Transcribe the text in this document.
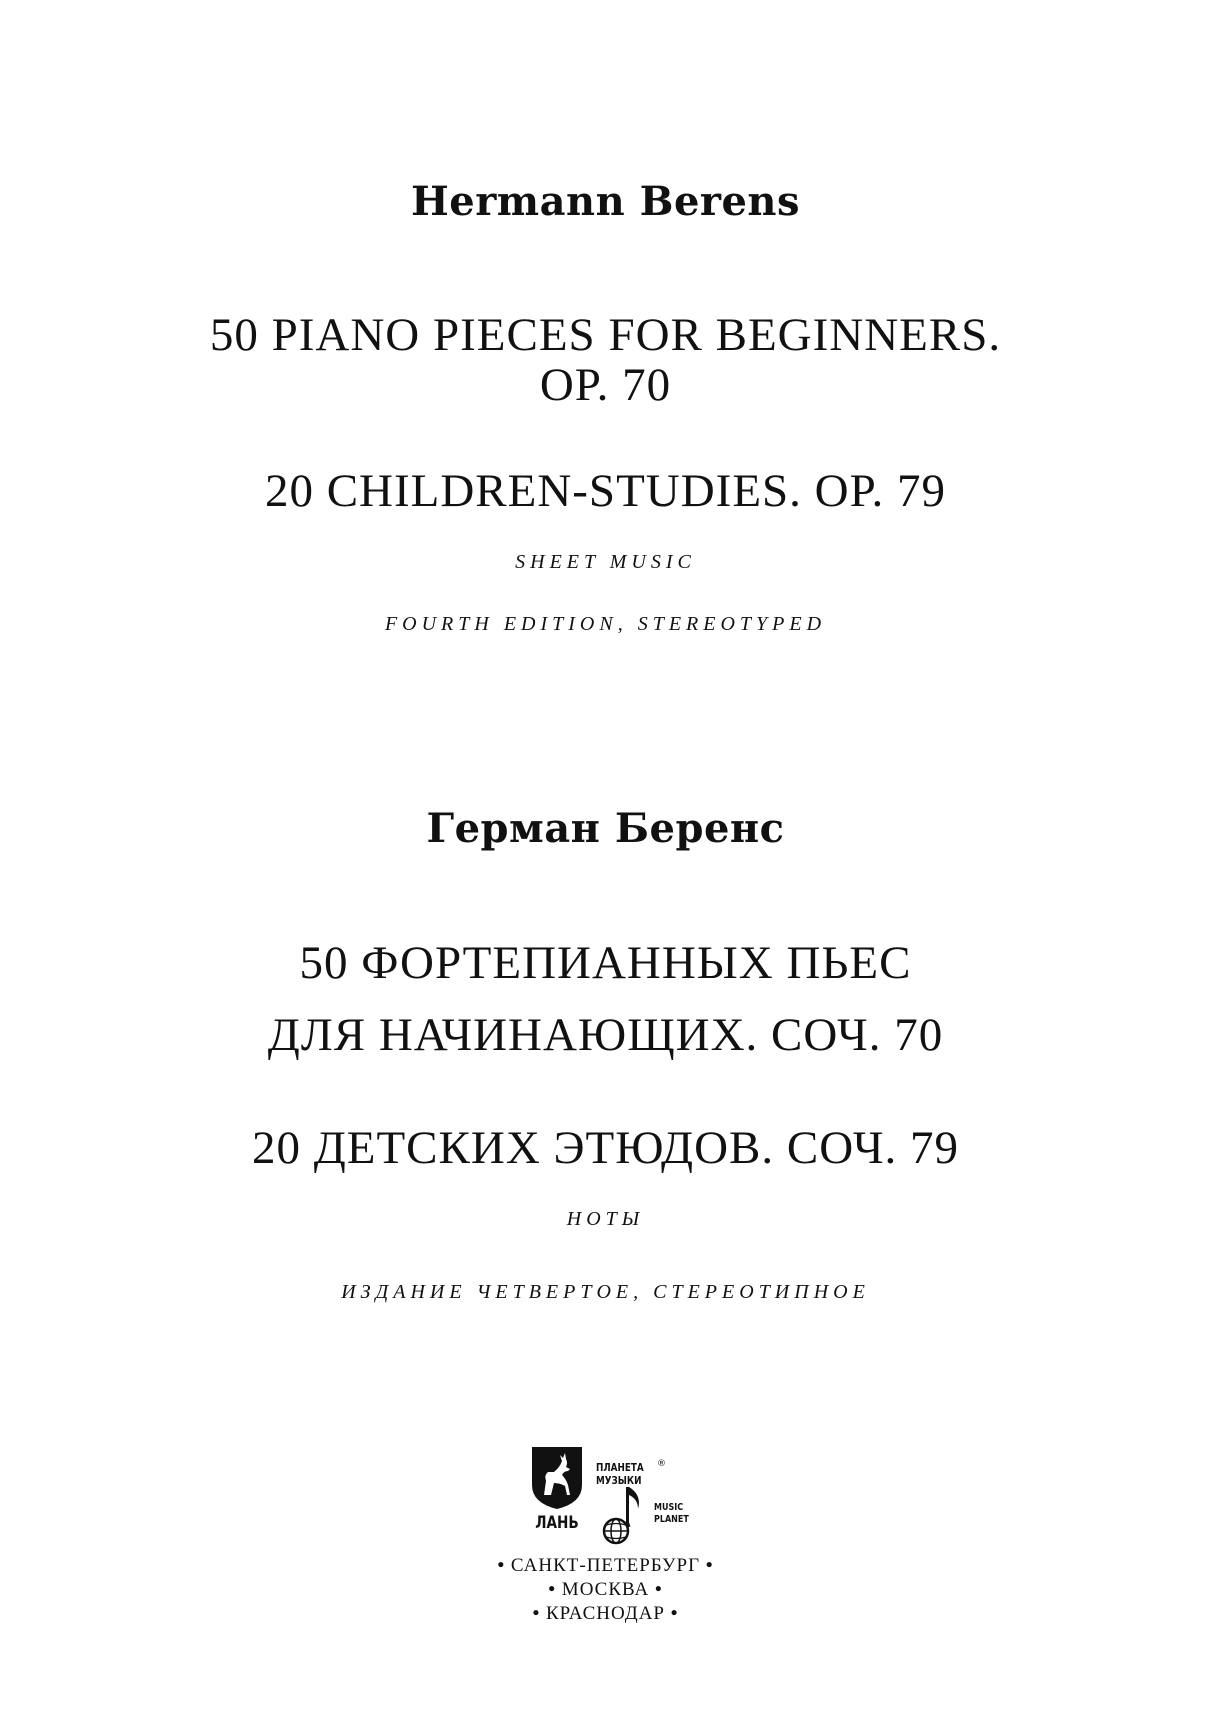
Hermann Berens
50 PIANO PIECES FOR BEGINNERS.
OP. 70
20 CHILDREN-STUDIES. OP. 79
SHEET MUSIC
FOURTH EDITION, STEREOTYPED
Герман Беренс
50 ФОРТЕПИАННЫХ ПЬЕС
ДЛЯ НАЧИНАЮЩИХ. СОЧ. 70
20 ДЕТСКИХ ЭТЮДОВ. СОЧ. 79
НОТЫ
ИЗДАНИЕ ЧЕТВЕРТОЕ, СТЕРЕОТИПНОЕ
ЛАНЬ
ПЛАНЕТА
МУЗЫКИ
®
MUSIC
PLANET
• САНКТ-ПЕТЕРБУРГ •
• МОСКВА •
• КРАСНОДАР •
